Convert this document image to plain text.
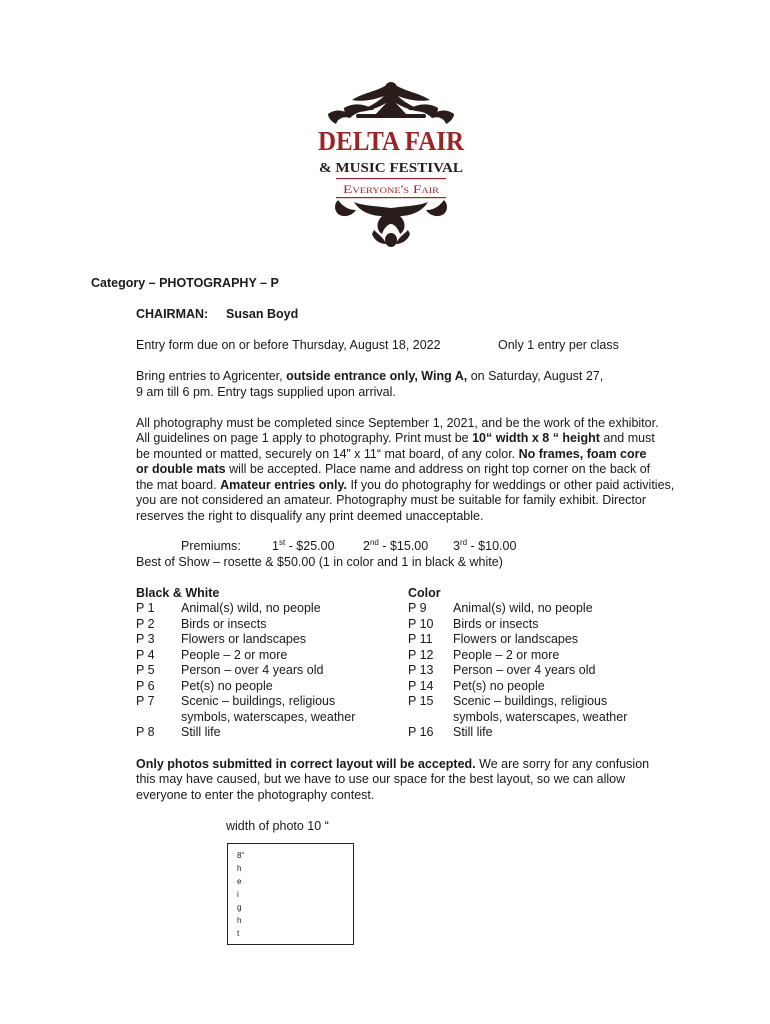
DELTA FAIR
& MUSIC FESTIVAL
Everyone's Fair
Category – PHOTOGRAPHY – P
CHAIRMAN: Susan Boyd
Entry form due on or before Thursday, August 18, 2022	Only 1 entry per class
Bring entries to Agricenter, outside entrance only, Wing A, on Saturday, August 27,
9 am till 6 pm. Entry tags supplied upon arrival.
All photography must be completed since September 1, 2021, and be the work of the exhibitor.
All guidelines on page 1 apply to photography. Print must be 10“ width x 8 “ height and must
be mounted or matted, securely on 14” x 11“ mat board, of any color. No frames, foam core
or double mats will be accepted. Place name and address on right top corner on the back of
the mat board. Amateur entries only. If you do photography for weddings or other paid activities,
you are not considered an amateur. Photography must be suitable for family exhibit. Director
reserves the right to disqualify any print deemed unacceptable.
Premiums:	1st - $25.00 2nd - $15.00 3rd - $10.00
Best of Show – rosette & $50.00 (1 in color and 1 in black & white)
Black & White	Color
P 1 Animal(s) wild, no people
P 2 Birds or insects
P 3 Flowers or landscapes
P 4 People – 2 or more
P 5 Person – over 4 years old
P 6 Pet(s) no people
P 7 Scenic – buildings, religious
symbols, waterscapes, weather
P 8 Still life
P 9 Animal(s) wild, no people
P 10 Birds or insects
P 11 Flowers or landscapes
P 12 People – 2 or more
P 13 Person – over 4 years old
P 14 Pet(s) no people
P 15 Scenic – buildings, religious
symbols, waterscapes, weather
P 16 Still life
Only photos submitted in correct layout will be accepted. We are sorry for any confusion
this may have caused, but we have to use our space for the best layout, so we can allow
everyone to enter the photography contest.
width of photo 10 “
8“
h
e
i
g
h
t
